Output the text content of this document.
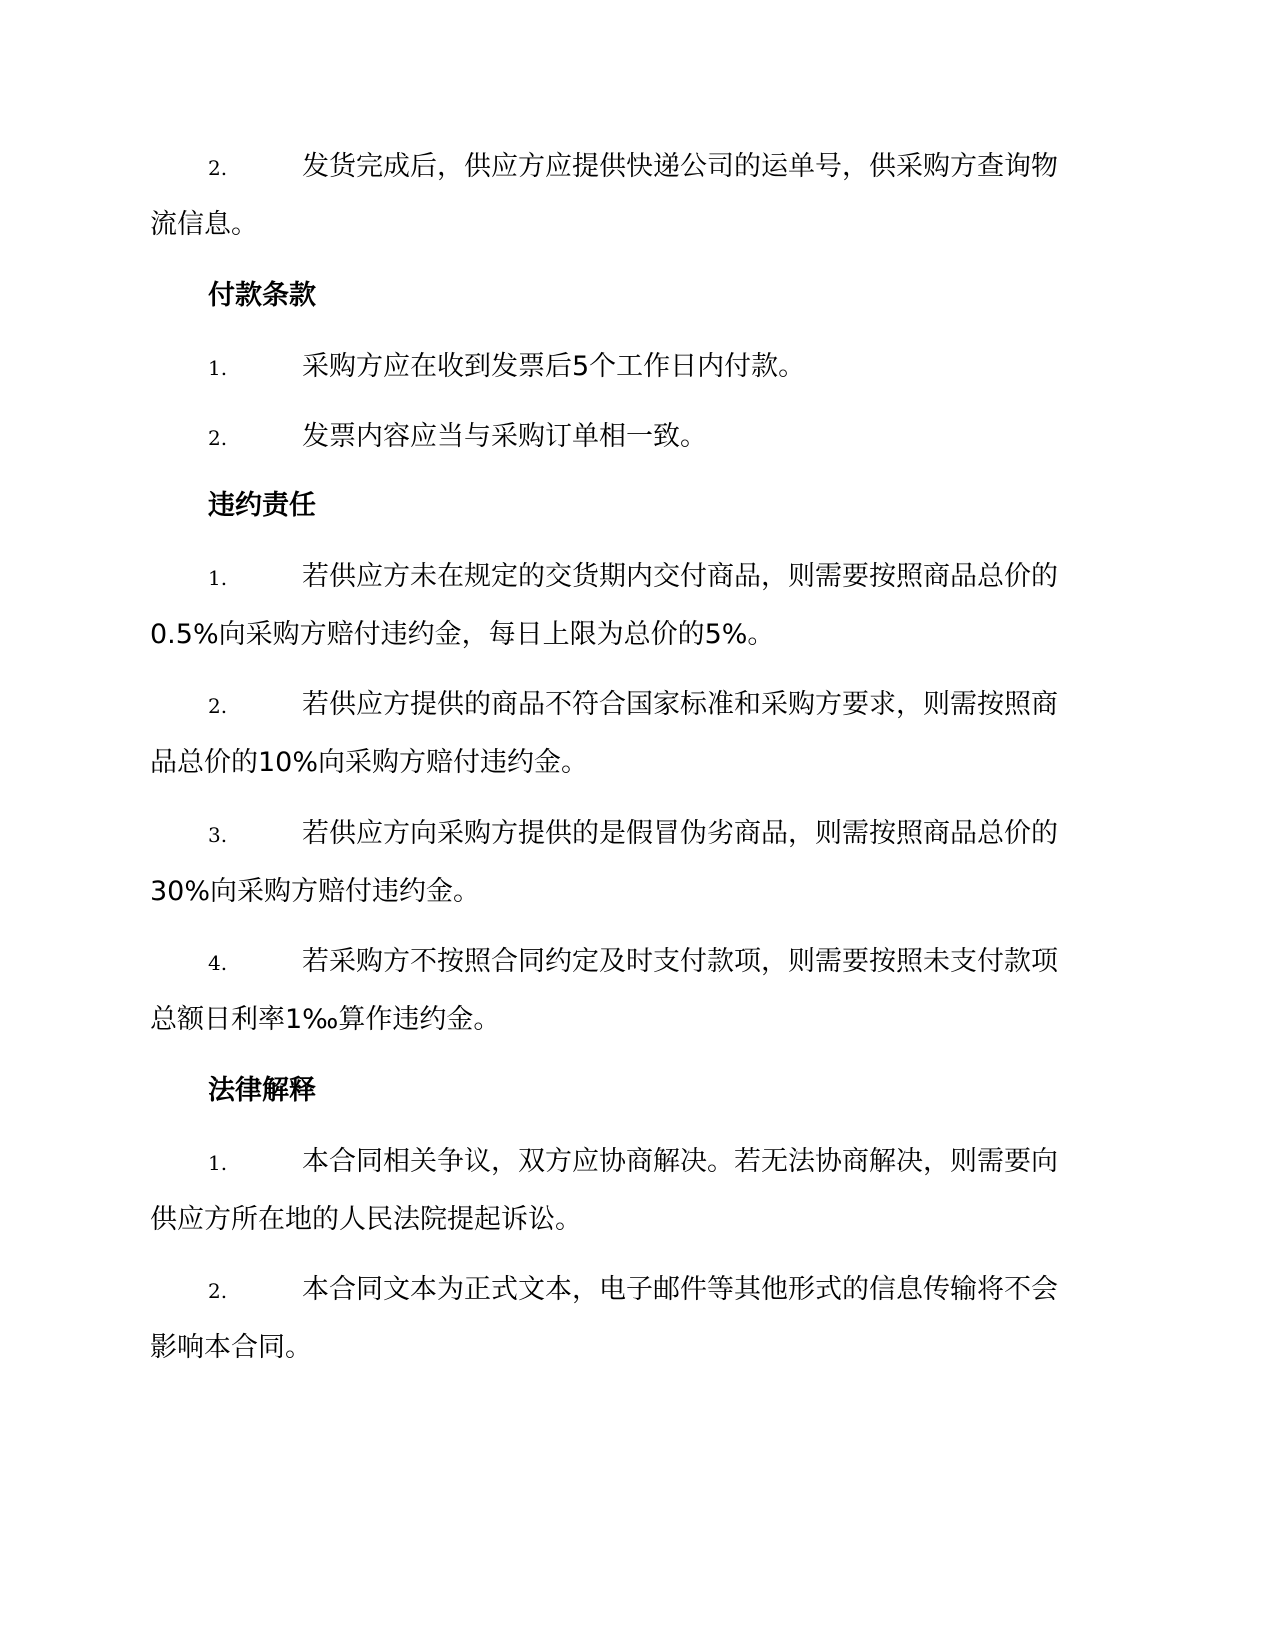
2.	发货完成后，供应方应提供快递公司的运单号，供采购方查询物
流信息。
付款条款
1.	采购方应在收到发票后5个工作日内付款。
2.	发票内容应当与采购订单相一致。
违约责任
1.	若供应方未在规定的交货期内交付商品，则需要按照商品总价的
0.5%向采购方赔付违约金，每日上限为总价的5%。
2.	若供应方提供的商品不符合国家标准和采购方要求，则需按照商
品总价的10%向采购方赔付违约金。
3.	若供应方向采购方提供的是假冒伪劣商品，则需按照商品总价的
30%向采购方赔付违约金。
4.	若采购方不按照合同约定及时支付款项，则需要按照未支付款项
总额日利率1‰算作违约金。
法律解释
1.	本合同相关争议，双方应协商解决。若无法协商解决，则需要向
供应方所在地的人民法院提起诉讼。
2.	本合同文本为正式文本，电子邮件等其他形式的信息传输将不会
影响本合同。
